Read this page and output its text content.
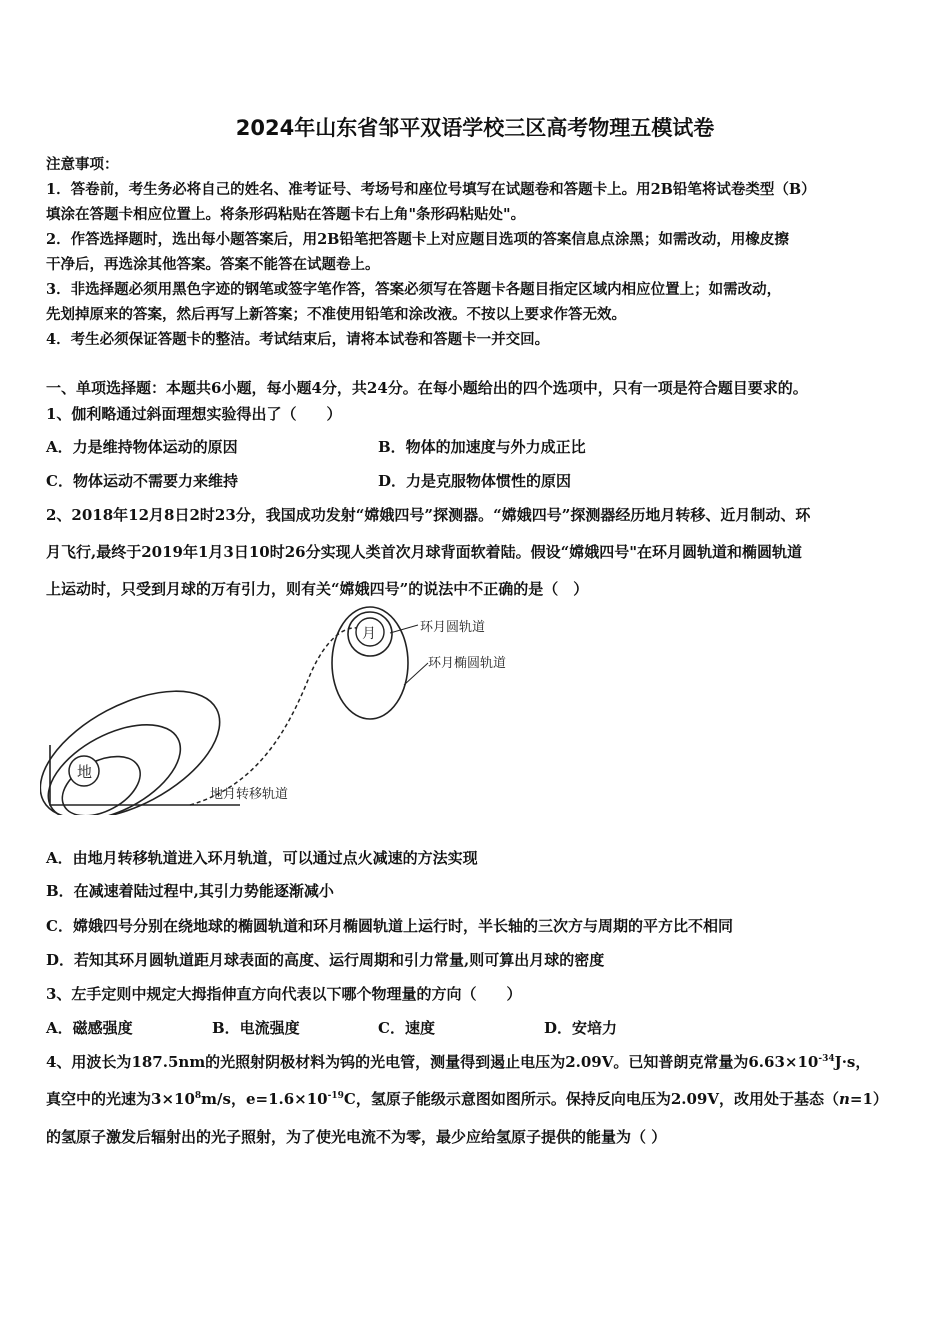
2024年山东省邹平双语学校三区高考物理五模试卷
注意事项：
1．答卷前，考生务必将自己的姓名、准考证号、考场号和座位号填写在试题卷和答题卡上。用2B铅笔将试卷类型（B）
填涂在答题卡相应位置上。将条形码粘贴在答题卡右上角"条形码粘贴处"。
2．作答选择题时，选出每小题答案后，用2B铅笔把答题卡上对应题目选项的答案信息点涂黑；如需改动，用橡皮擦
干净后，再选涂其他答案。答案不能答在试题卷上。
3．非选择题必须用黑色字迹的钢笔或签字笔作答，答案必须写在答题卡各题目指定区域内相应位置上；如需改动，
先划掉原来的答案，然后再写上新答案；不准使用铅笔和涂改液。不按以上要求作答无效。
4．考生必须保证答题卡的整洁。考试结束后，请将本试卷和答题卡一并交回。
一、单项选择题：本题共6小题，每小题4分，共24分。在每小题给出的四个选项中，只有一项是符合题目要求的。
1、伽利略通过斜面理想实验得出了（　　）
A．力是维持物体运动的原因	B．物体的加速度与外力成正比
C．物体运动不需要力来维持	D．力是克服物体惯性的原因
2、2018年12月8日2时23分，我国成功发射“嫦娥四号”探测器。“嫦娥四号”探测器经历地月转移、近月制动、环
月飞行,最终于2019年1月3日10时26分实现人类首次月球背面软着陆。假设“嫦娥四号"在环月圆轨道和椭圆轨道
上运动时，只受到月球的万有引力，则有关“嫦娥四号”的说法中不正确的是（　）
地
月	环月圆轨道
环月椭圆轨道
地月转移轨道
A．由地月转移轨道进入环月轨道，可以通过点火减速的方法实现
B．在减速着陆过程中,其引力势能逐渐减小
C．嫦娥四号分别在绕地球的椭圆轨道和环月椭圆轨道上运行时，半长轴的三次方与周期的平方比不相同
D．若知其环月圆轨道距月球表面的高度、运行周期和引力常量,则可算出月球的密度
3、左手定则中规定大拇指伸直方向代表以下哪个物理量的方向（　　）
A．磁感强度	B．电流强度	C．速度	D．安培力
4、用波长为187.5nm的光照射阴极材料为钨的光电管，测量得到遏止电压为2.09V。已知普朗克常量为$6.63\times 10^{-34}J\cdot s$，
真空中的光速为$3\times 10^8m/s$，$e=1.6\times 10^{-19}C$，氢原子能级示意图如图所示。保持反向电压为2.09V，改用处于基态（n=1）
的氢原子激发后辐射出的光子照射，为了使光电流不为零，最少应给氢原子提供的能量为（ ）
